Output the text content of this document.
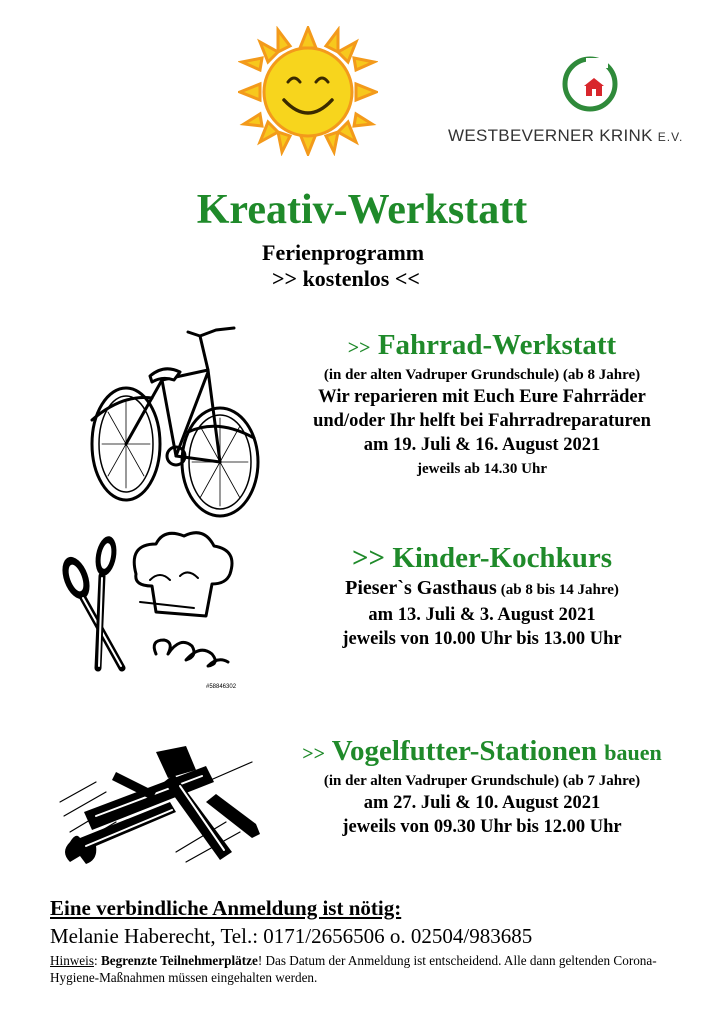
WESTBEVERNER KRINK E.V.
Kreativ-Werkstatt
Ferienprogramm
>> kostenlos <<
>> Fahrrad-Werkstatt
(in der alten Vadruper Grundschule) (ab 8 Jahre)
Wir reparieren mit Euch Eure Fahrräder
und/oder Ihr helft bei Fahrradreparaturen
am 19. Juli & 16. August 2021
jeweils ab 14.30 Uhr
#58846302
>> Kinder-Kochkurs
Pieser`s Gasthaus (ab 8 bis 14 Jahre)
am 13. Juli & 3. August 2021
jeweils von 10.00 Uhr bis 13.00 Uhr
>> Vogelfutter-Stationen bauen
(in der alten Vadruper Grundschule) (ab 7 Jahre)
am 27. Juli & 10. August 2021
jeweils von 09.30 Uhr bis 12.00 Uhr
Eine verbindliche Anmeldung ist nötig:
Melanie Haberecht, Tel.: 0171/2656506 o. 02504/983685
Hinweis: Begrenzte Teilnehmerplätze! Das Datum der Anmeldung ist entscheidend. Alle dann geltenden Corona-Hygiene-Maßnahmen müssen eingehalten werden.
